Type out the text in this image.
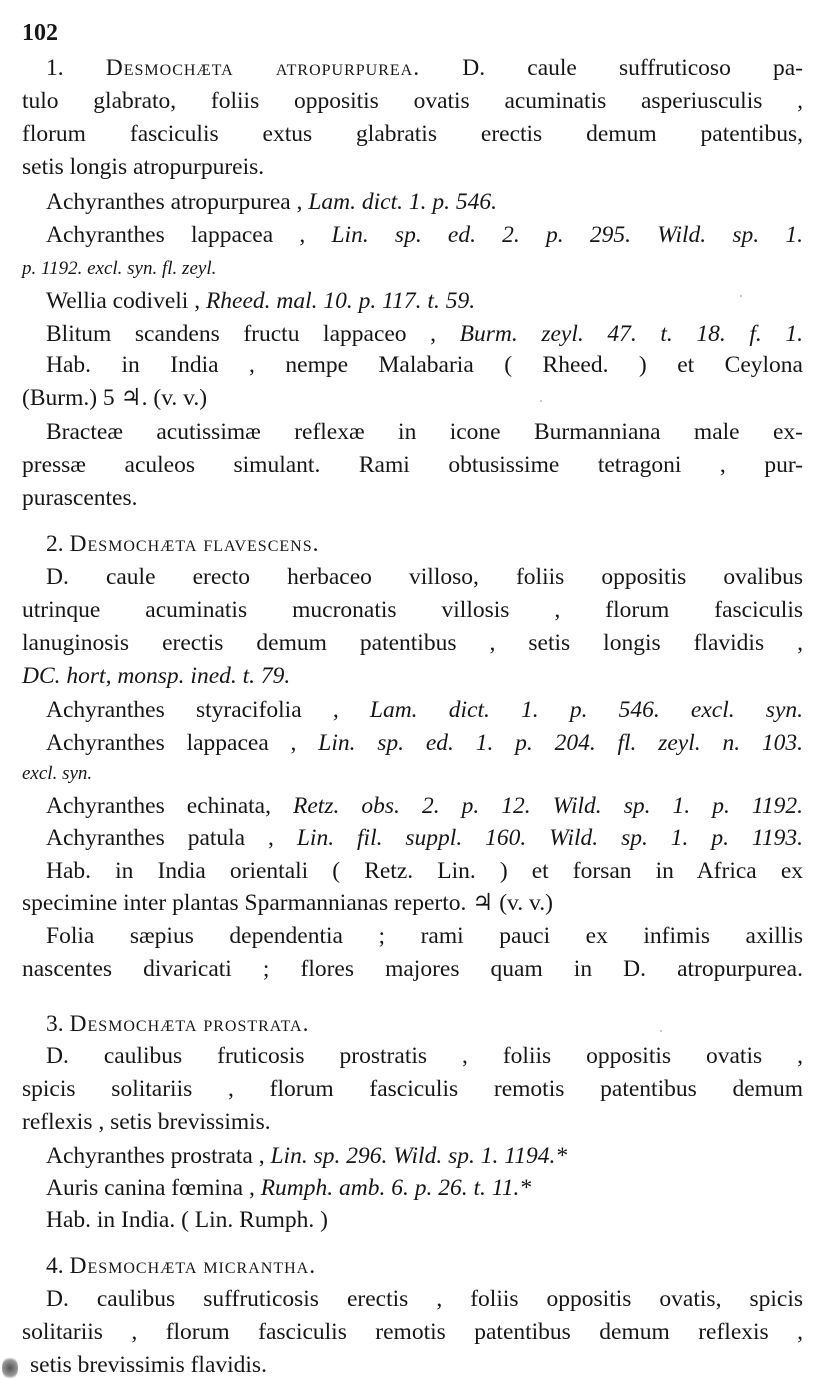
102
1. Desmochæta atropurpurea. D. caule suffruticoso pa-
tulo glabrato, foliis oppositis ovatis acuminatis asperiusculis ,
florum fasciculis extus glabratis erectis demum patentibus,
setis longis atropurpureis.
Achyranthes atropurpurea , Lam. dict. 1. p. 546.
Achyranthes lappacea , Lin. sp. ed. 2. p. 295. Wild. sp. 1.
p. 1192. excl. syn. fl. zeyl.
Wellia codiveli , Rheed. mal. 10. p. 117. t. 59.
Blitum scandens fructu lappaceo , Burm. zeyl. 47. t. 18. f. 1.
Hab. in India , nempe Malabaria ( Rheed. ) et Ceylona
(Burm.) 5 ♃. (v. v.)
Bracteæ acutissimæ reflexæ in icone Burmanniana male ex-
pressæ aculeos simulant. Rami obtusissime tetragoni , pur-
purascentes.
2. Desmochæta flavescens.
D. caule erecto herbaceo villoso, foliis oppositis ovalibus
utrinque acuminatis mucronatis villosis , florum fasciculis
lanuginosis erectis demum patentibus , setis longis flavidis ,
DC. hort, monsp. ined. t. 79.
Achyranthes styracifolia , Lam. dict. 1. p. 546. excl. syn.
Achyranthes lappacea , Lin. sp. ed. 1. p. 204. fl. zeyl. n. 103.
excl. syn.
Achyranthes echinata, Retz. obs. 2. p. 12. Wild. sp. 1. p. 1192.
Achyranthes patula , Lin. fil. suppl. 160. Wild. sp. 1. p. 1193.
Hab. in India orientali ( Retz. Lin. ) et forsan in Africa ex
specimine inter plantas Sparmannianas reperto. ♃ (v. v.)
Folia sæpius dependentia ; rami pauci ex infimis axillis
nascentes divaricati ; flores majores quam in D. atropurpurea.
3. Desmochæta prostrata.
D. caulibus fruticosis prostratis , foliis oppositis ovatis ,
spicis solitariis , florum fasciculis remotis patentibus demum
reflexis , setis brevissimis.
Achyranthes prostrata , Lin. sp. 296. Wild. sp. 1. 1194.*
Auris canina fœmina , Rumph. amb. 6. p. 26. t. 11.*
Hab. in India. ( Lin. Rumph. )
4. Desmochæta micrantha.
D. caulibus suffruticosis erectis , foliis oppositis ovatis, spicis
solitariis , florum fasciculis remotis patentibus demum reflexis ,
setis brevissimis flavidis.
